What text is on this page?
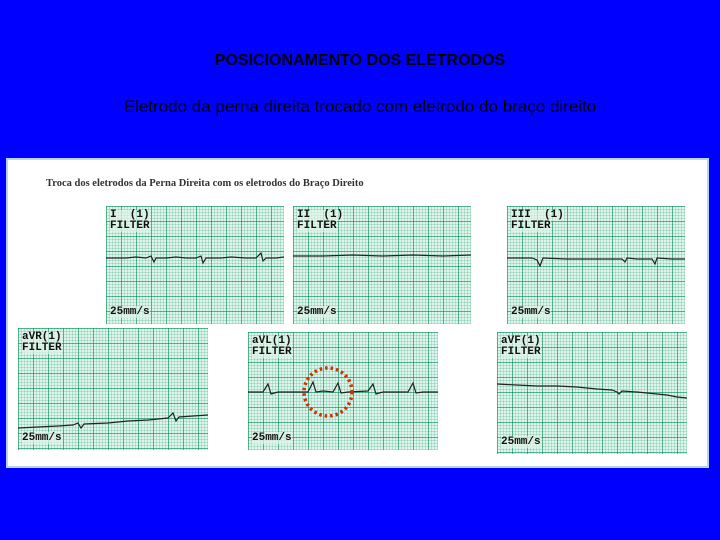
POSICIONAMENTO DOS ELETRODOS
Eletrodo da perna direita trocado com eletrodo do braço direito
Troca dos eletrodos da Perna Direita com os eletrodos do Braço Direito
I  (1)
FILTER
25mm/s
II  (1)
FILTER
25mm/s
III  (1)
FILTER
25mm/s
aVR(1)
FILTER
25mm/s
aVL(1)
FILTER
25mm/s
aVF(1)
FILTER
25mm/s
